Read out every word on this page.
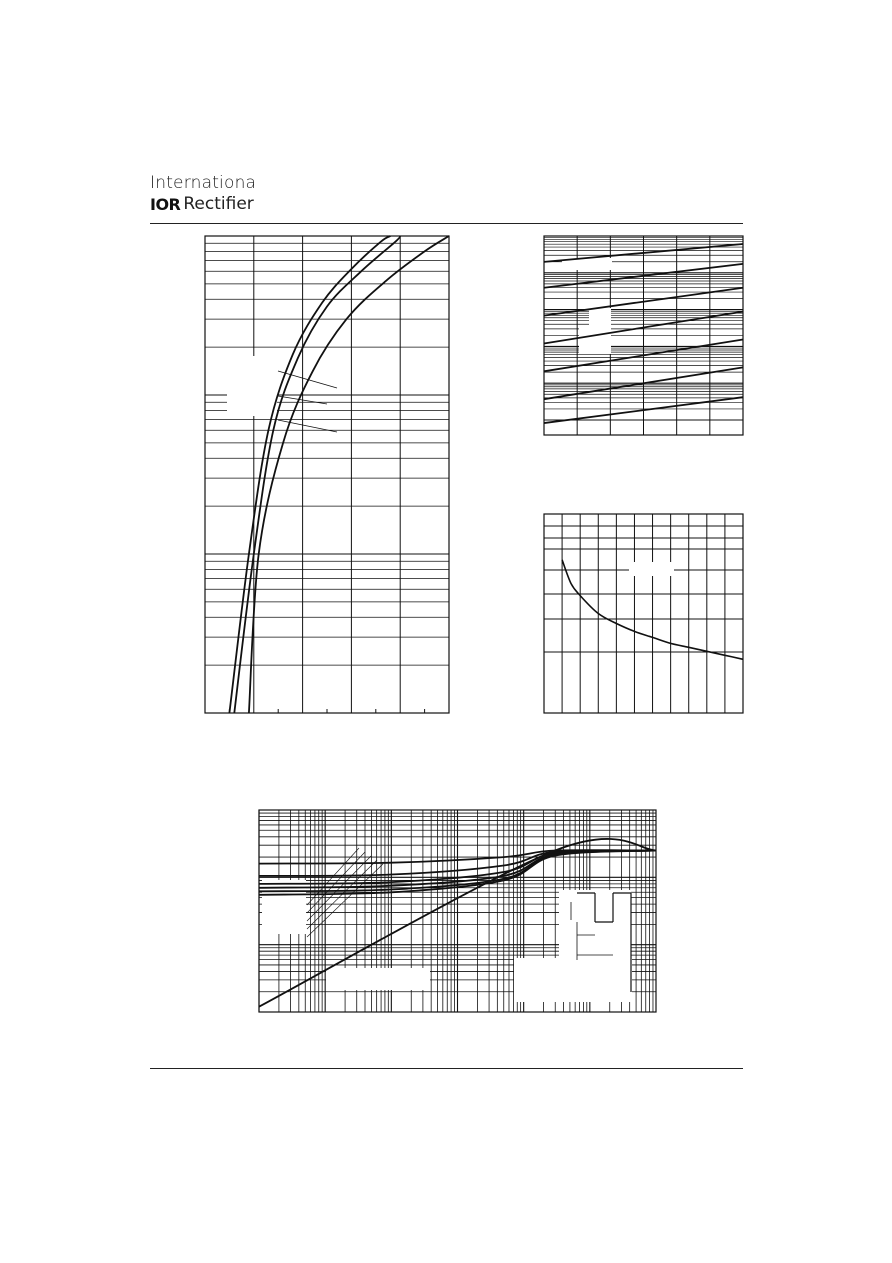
Internationa
IOR Rectifier
